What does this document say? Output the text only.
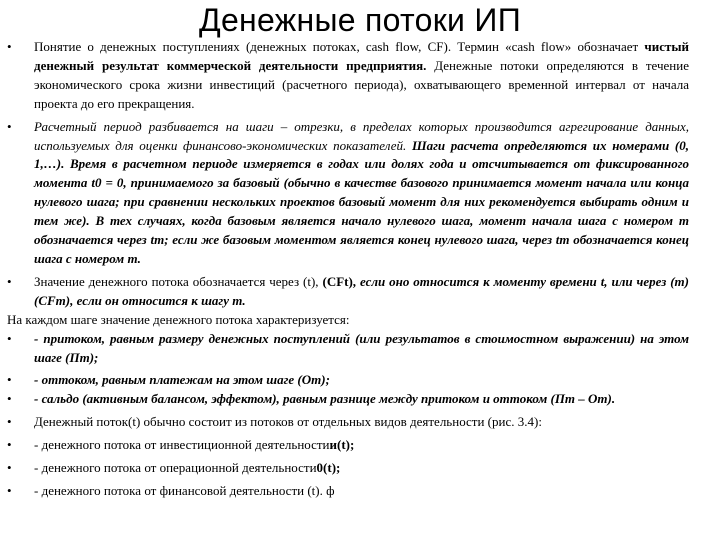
Денежные потоки ИП

• Понятие о денежных поступлениях (денежных потоках, cash flow, CF). Термин «cash flow» обозначает чистый денежный результат коммерческой деятельности предприятия. Денежные потоки определяются в течение экономического срока жизни инвестиций (расчетного периода), охватывающего временной интервал от начала проекта до его прекращения.

• Расчетный период разбивается на шаги – отрезки, в пределах которых производится агрегирование данных, используемых для оценки финансово-экономических показателей. Шаги расчета определяются их номерами (0, 1,…). Время в расчетном периоде измеряется в годах или долях года и отсчитывается от фиксированного момента t0 = 0, принимаемого за базовый (обычно в качестве базового принимается момент начала или конца нулевого шага; при сравнении нескольких проектов базовый момент для них рекомендуется выбирать одним и тем же). В тех случаях, когда базовым является начало нулевого шага, момент начала шага с номером m обозначается через tm; если же базовым моментом является конец нулевого шага, через tm обозначается конец шага с номером m.

• Значение денежного потока обозначается через (t), (CFt), если оно относится к моменту времени t, или через (m) (CFm), если он относится к шагу m.

На каждом шаге значение денежного потока характеризуется:

• - притоком, равным размеру денежных поступлений (или результатов в стоимостном выражении) на этом шаге (Пm);

• - оттоком, равным платежам на этом шаге (Om);

• - сальдо (активным балансом, эффектом), равным разнице между притоком и оттоком (Пm – Om).

• Денежный поток(t) обычно состоит из потоков от отдельных видов деятельности (рис. 3.4):

• - денежного потока от инвестиционной деятельностии(t);

• - денежного потока от операционной деятельности0(t);

• - денежного потока от финансовой деятельности (t). ф
